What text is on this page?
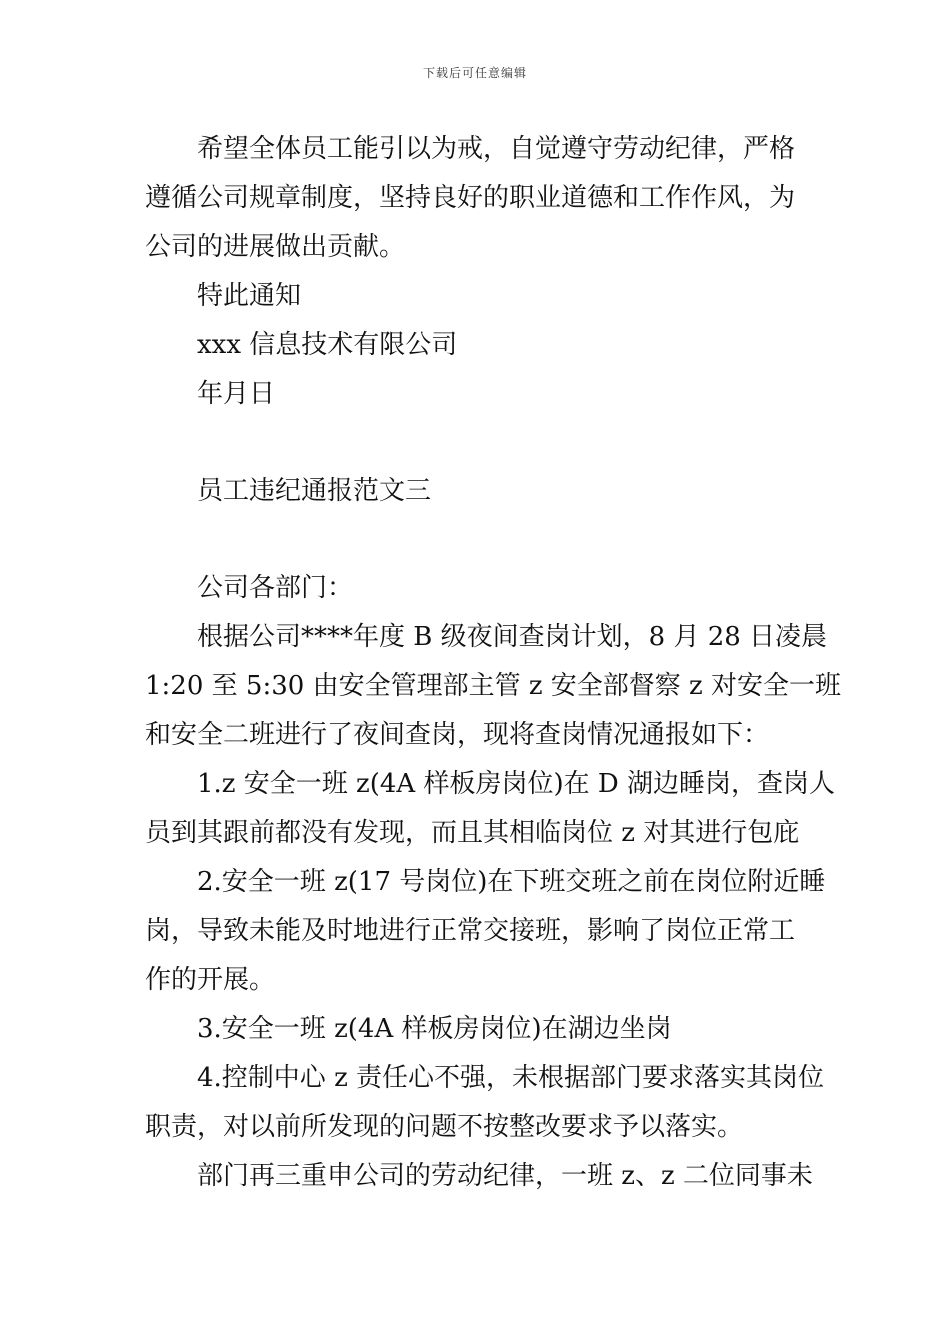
下载后可任意编辑

希望全体员工能引以为戒，自觉遵守劳动纪律，严格

遵循公司规章制度，坚持良好的职业道德和工作作风，为

公司的进展做出贡献。

特此通知

xxx 信息技术有限公司

年月日

员工违纪通报范文三

公司各部门：

根据公司****年度 B 级夜间查岗计划，8 月 28 日凌晨

1:20 至 5:30 由安全管理部主管 z 安全部督察 z 对安全一班

和安全二班进行了夜间查岗，现将查岗情况通报如下：

1.z 安全一班 z(4A 样板房岗位)在 D 湖边睡岗，查岗人

员到其跟前都没有发现，而且其相临岗位 z 对其进行包庇

2.安全一班 z(17 号岗位)在下班交班之前在岗位附近睡

岗，导致未能及时地进行正常交接班，影响了岗位正常工

作的开展。

3.安全一班 z(4A 样板房岗位)在湖边坐岗

4.控制中心 z 责任心不强，未根据部门要求落实其岗位

职责，对以前所发现的问题不按整改要求予以落实。

部门再三重申公司的劳动纪律，一班 z、z 二位同事未
